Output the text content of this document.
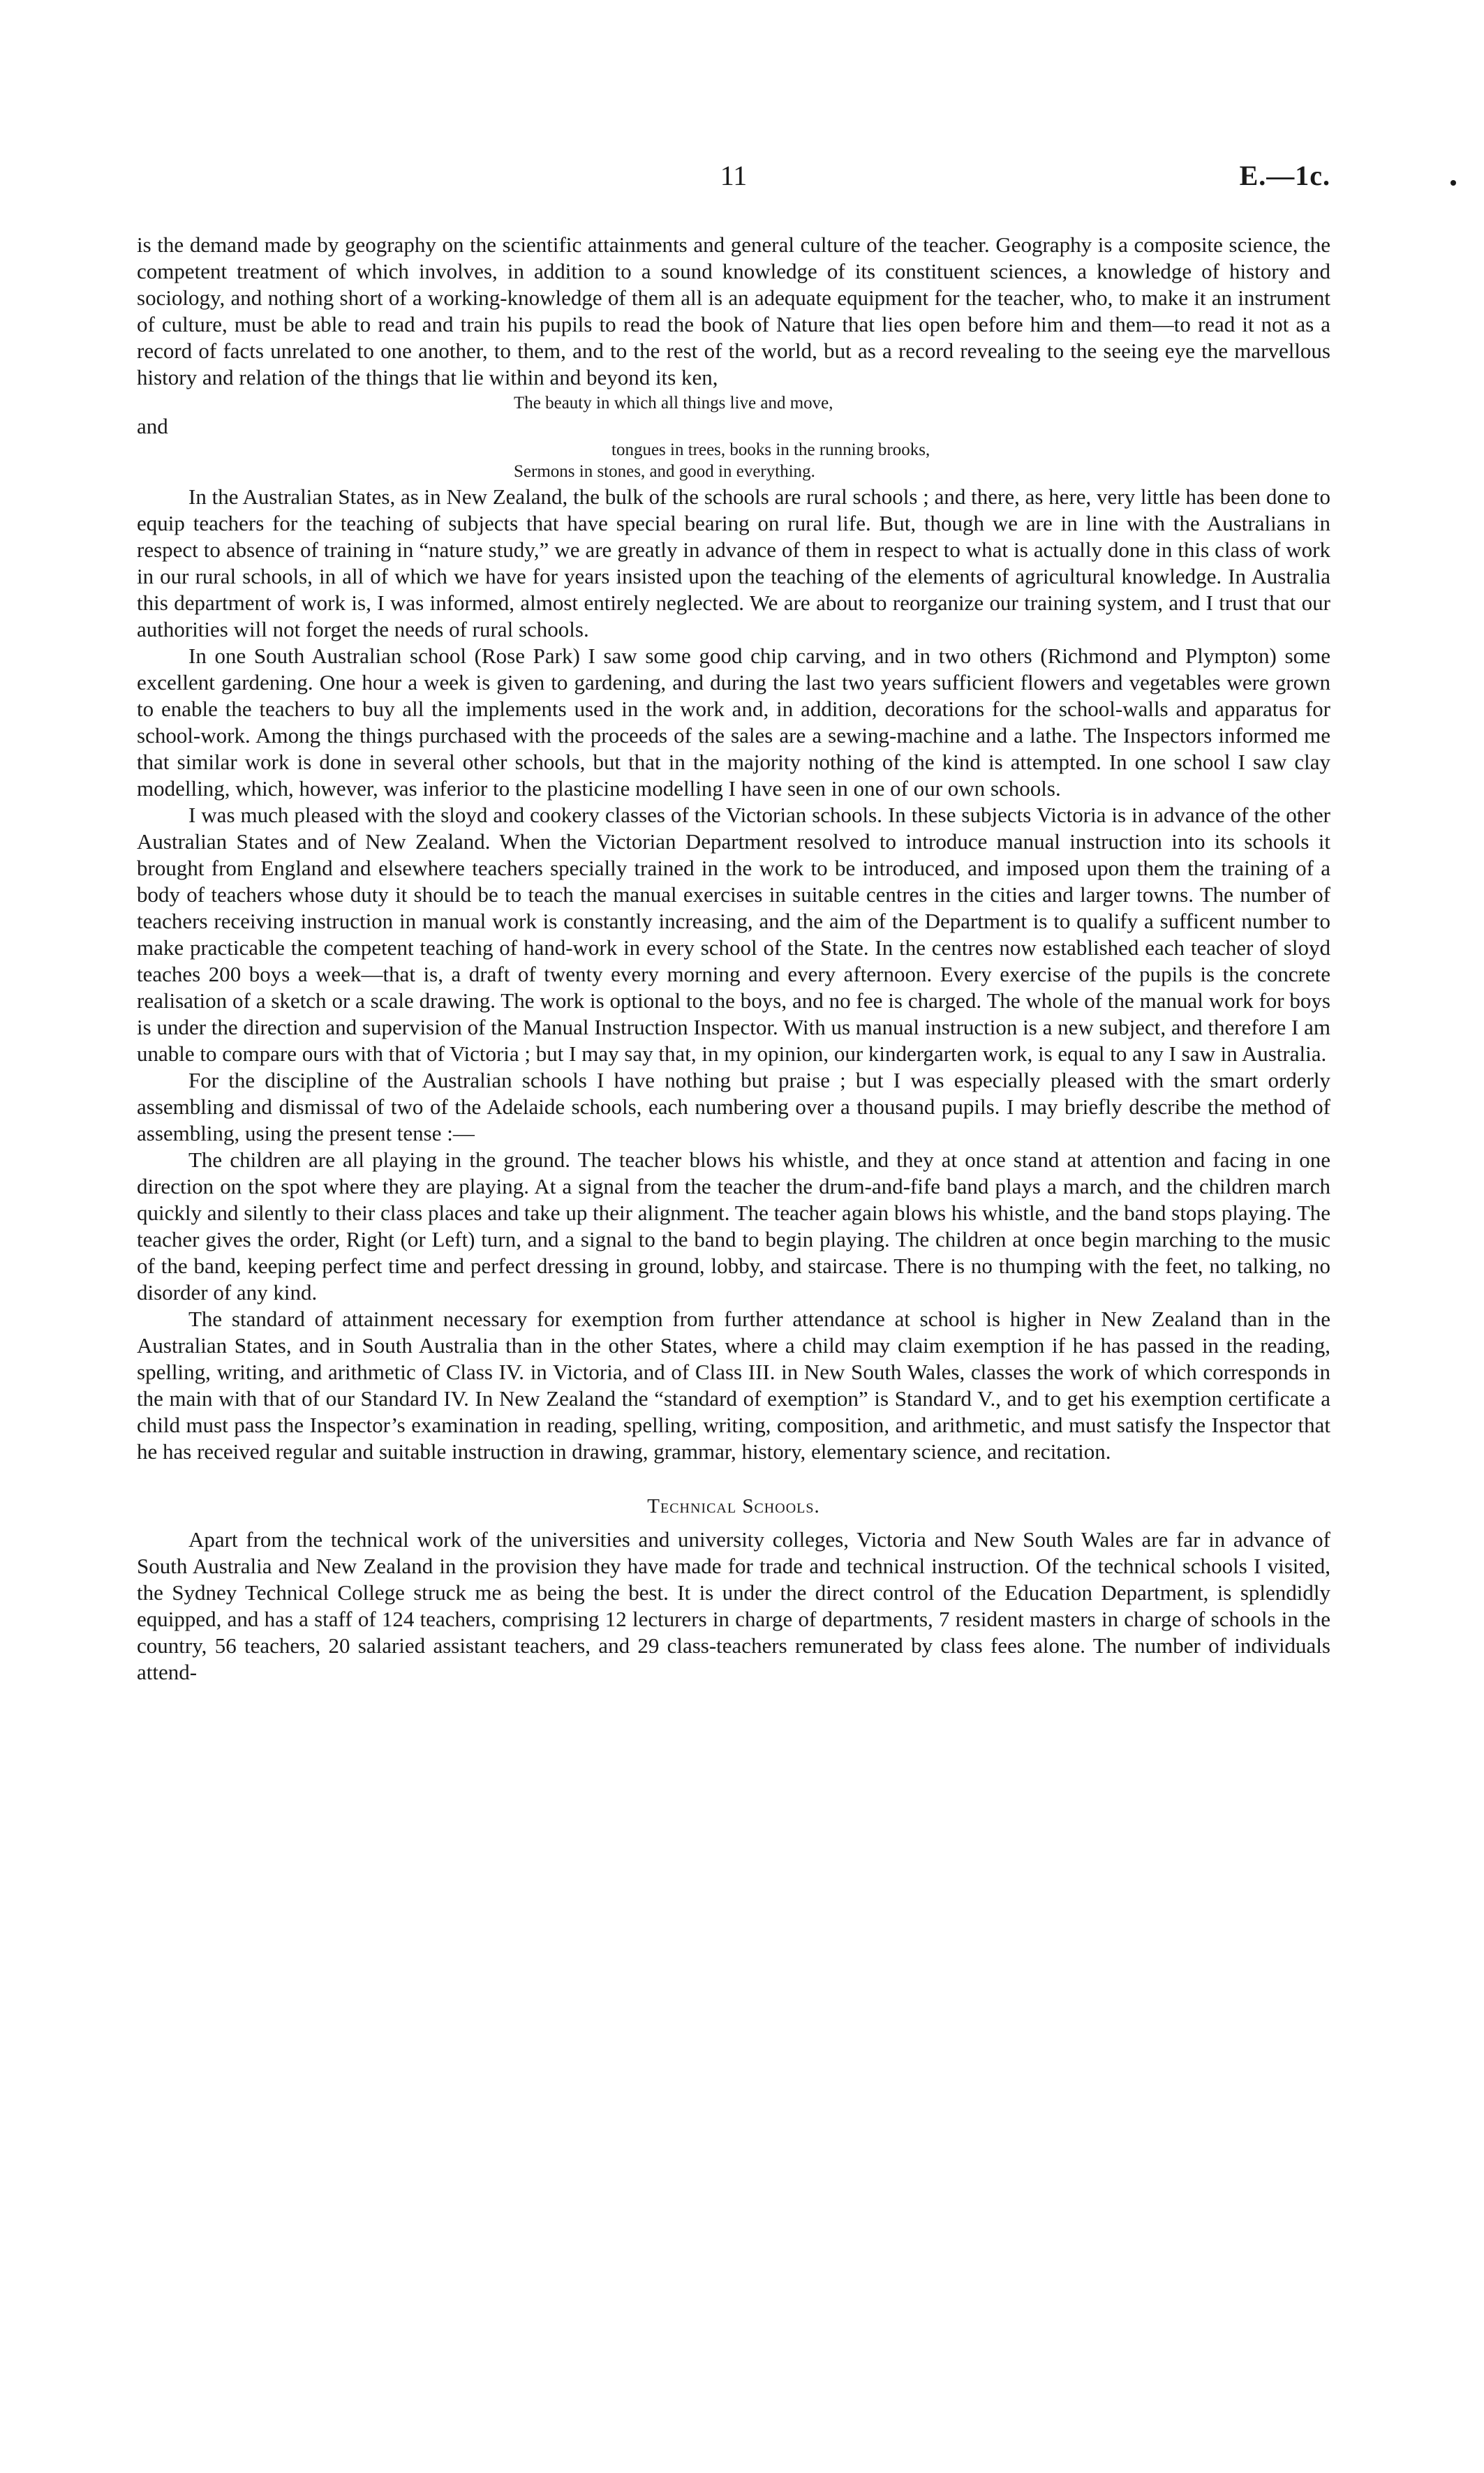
11	E.—1c.

is the demand made by geography on the scientific attainments and general culture of the teacher. Geography is a composite science, the competent treatment of which involves, in addition to a sound knowledge of its constituent sciences, a knowledge of history and sociology, and nothing short of a working-knowledge of them all is an adequate equipment for the teacher, who, to make it an instrument of culture, must be able to read and train his pupils to read the book of Nature that lies open before him and them—to read it not as a record of facts unrelated to one another, to them, and to the rest of the world, but as a record revealing to the seeing eye the marvellous history and relation of the things that lie within and beyond its ken,

The beauty in which all things live and move,
and
tongues in trees, books in the running brooks,
Sermons in stones, and good in everything.

In the Australian States, as in New Zealand, the bulk of the schools are rural schools ; and there, as here, very little has been done to equip teachers for the teaching of subjects that have special bearing on rural life. But, though we are in line with the Australians in respect to absence of training in “nature study,” we are greatly in advance of them in respect to what is actually done in this class of work in our rural schools, in all of which we have for years insisted upon the teaching of the elements of agricultural knowledge. In Australia this department of work is, I was informed, almost entirely neglected. We are about to reorganize our training system, and I trust that our authorities will not forget the needs of rural schools.

In one South Australian school (Rose Park) I saw some good chip carving, and in two others (Richmond and Plympton) some excellent gardening. One hour a week is given to gardening, and during the last two years sufficient flowers and vegetables were grown to enable the teachers to buy all the implements used in the work and, in addition, decorations for the school-walls and apparatus for school-work. Among the things purchased with the proceeds of the sales are a sewing-machine and a lathe. The Inspectors informed me that similar work is done in several other schools, but that in the majority nothing of the kind is attempted. In one school I saw clay modelling, which, however, was inferior to the plasticine modelling I have seen in one of our own schools.

I was much pleased with the sloyd and cookery classes of the Victorian schools. In these subjects Victoria is in advance of the other Australian States and of New Zealand. When the Victorian Department resolved to introduce manual instruction into its schools it brought from England and elsewhere teachers specially trained in the work to be introduced, and imposed upon them the training of a body of teachers whose duty it should be to teach the manual exercises in suitable centres in the cities and larger towns. The number of teachers receiving instruction in manual work is constantly increasing, and the aim of the Department is to qualify a sufficent number to make practicable the competent teaching of hand-work in every school of the State. In the centres now established each teacher of sloyd teaches 200 boys a week—that is, a draft of twenty every morning and every afternoon. Every exercise of the pupils is the concrete realisation of a sketch or a scale drawing. The work is optional to the boys, and no fee is charged. The whole of the manual work for boys is under the direction and supervision of the Manual Instruction Inspector. With us manual instruction is a new subject, and therefore I am unable to compare ours with that of Victoria ; but I may say that, in my opinion, our kindergarten work, is equal to any I saw in Australia.

For the discipline of the Australian schools I have nothing but praise ; but I was especially pleased with the smart orderly assembling and dismissal of two of the Adelaide schools, each numbering over a thousand pupils. I may briefly describe the method of assembling, using the present tense :—

The children are all playing in the ground. The teacher blows his whistle, and they at once stand at attention and facing in one direction on the spot where they are playing. At a signal from the teacher the drum-and-fife band plays a march, and the children march quickly and silently to their class places and take up their alignment. The teacher again blows his whistle, and the band stops playing. The teacher gives the order, Right (or Left) turn, and a signal to the band to begin playing. The children at once begin marching to the music of the band, keeping perfect time and perfect dressing in ground, lobby, and staircase. There is no thumping with the feet, no talking, no disorder of any kind.

The standard of attainment necessary for exemption from further attendance at school is higher in New Zealand than in the Australian States, and in South Australia than in the other States, where a child may claim exemption if he has passed in the reading, spelling, writing, and arithmetic of Class IV. in Victoria, and of Class III. in New South Wales, classes the work of which corresponds in the main with that of our Standard IV. In New Zealand the “standard of exemption” is Standard V., and to get his exemption certificate a child must pass the Inspector’s examination in reading, spelling, writing, composition, and arithmetic, and must satisfy the Inspector that he has received regular and suitable instruction in drawing, grammar, history, elementary science, and recitation.

Technical Schools.

Apart from the technical work of the universities and university colleges, Victoria and New South Wales are far in advance of South Australia and New Zealand in the provision they have made for trade and technical instruction. Of the technical schools I visited, the Sydney Technical College struck me as being the best. It is under the direct control of the Education Department, is splendidly equipped, and has a staff of 124 teachers, comprising 12 lecturers in charge of departments, 7 resident masters in charge of schools in the country, 56 teachers, 20 salaried assistant teachers, and 29 class-teachers remunerated by class fees alone. The number of individuals attend-
